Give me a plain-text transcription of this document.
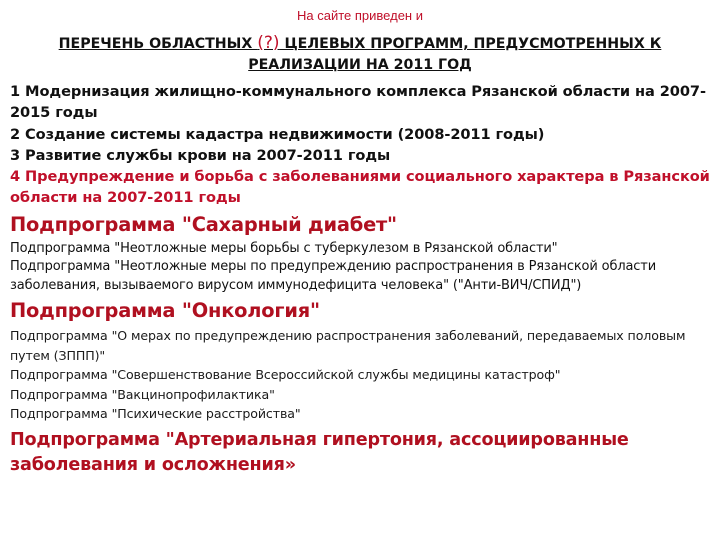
На сайте приведен и
ПЕРЕЧЕНЬ ОБЛАСТНЫХ (?) ЦЕЛЕВЫХ ПРОГРАММ, ПРЕДУСМОТРЕННЫХ К РЕАЛИЗАЦИИ НА 2011 ГОД

1 Модернизация жилищно-коммунального комплекса Рязанской области на 2007-2015 годы

2 Создание системы кадастра недвижимости (2008-2011 годы)

3 Развитие службы крови на 2007-2011 годы

4 Предупреждение и борьба с заболеваниями социального характера в Рязанской области на 2007-2011 годы

Подпрограмма "Сахарный диабет"

Подпрограмма "Неотложные меры борьбы с туберкулезом в Рязанской области"

Подпрограмма "Неотложные меры по предупреждению распространения в Рязанской области заболевания, вызываемого вирусом иммунодефицита человека" ("Анти-ВИЧ/СПИД")

Подпрограмма "Онкология"

Подпрограмма "О мерах по предупреждению распространения заболеваний, передаваемых половым путем (ЗППП)"

Подпрограмма "Совершенствование Всероссийской службы медицины катастроф"

Подпрограмма "Вакцинопрофилактика"

Подпрограмма "Психические расстройства"

Подпрограмма "Артериальная гипертония, ассоциированные заболевания и осложнения»
